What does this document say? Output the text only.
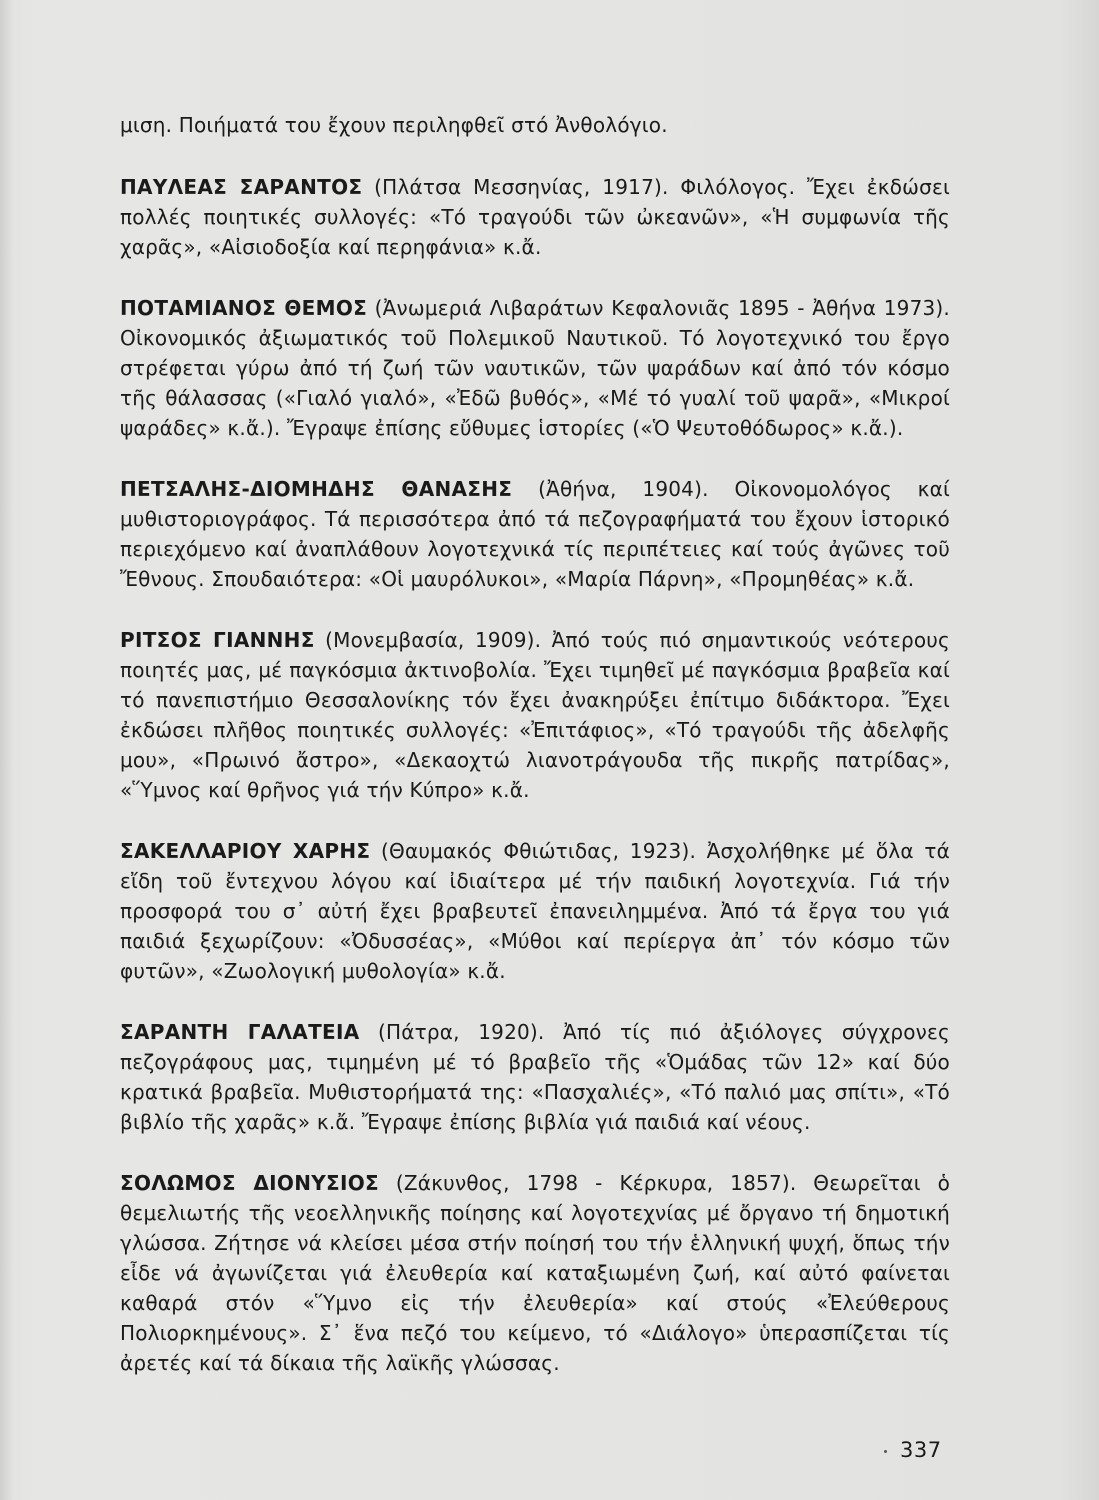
μιση. Ποιήματά του ἔχουν περιληφθεῖ στό Ἀνθολόγιο.

ΠΑΥΛΕΑΣ ΣΑΡΑΝΤΟΣ (Πλάτσα Μεσσηνίας, 1917). Φιλόλογος. Ἔχει ἐκδώσει πολλές ποιητικές συλλογές: «Τό τραγούδι τῶν ὠκεανῶν», «Ἡ συμφωνία τῆς χαρᾶς», «Αἰσιοδοξία καί περηφάνια» κ.ἄ.

ΠΟΤΑΜΙΑΝΟΣ ΘΕΜΟΣ (Ἀνωμεριά Λιβαράτων Κεφαλονιᾶς 1895 - Ἀθήνα 1973). Οἰκονομικός ἀξιωματικός τοῦ Πολεμικοῦ Ναυτικοῦ. Τό λογοτεχνικό του ἔργο στρέφεται γύρω ἀπό τή ζωή τῶν ναυτικῶν, τῶν ψαράδων καί ἀπό τόν κόσμο τῆς θάλασσας («Γιαλό γιαλό», «Ἐδῶ βυθός», «Μέ τό γυαλί τοῦ ψαρᾶ», «Μικροί ψαράδες» κ.ἄ.). Ἔγραψε ἐπίσης εὔθυμες ἱστορίες («Ὁ Ψευτοθόδωρος» κ.ἄ.).

ΠΕΤΣΑΛΗΣ-ΔΙΟΜΗΔΗΣ ΘΑΝΑΣΗΣ (Ἀθήνα, 1904). Οἰκονομολόγος καί μυθιστοριογράφος. Τά περισσότερα ἀπό τά πεζογραφήματά του ἔχουν ἱστορικό περιεχόμενο καί ἀναπλάθουν λογοτεχνικά τίς περιπέτειες καί τούς ἀγῶνες τοῦ Ἔθνους. Σπουδαιότερα: «Οἱ μαυρόλυκοι», «Μαρία Πάρνη», «Προμηθέας» κ.ἄ.

ΡΙΤΣΟΣ ΓΙΑΝΝΗΣ (Μονεμβασία, 1909). Ἀπό τούς πιό σημαντικούς νεότερους ποιητές μας, μέ παγκόσμια ἀκτινοβολία. Ἔχει τιμηθεῖ μέ παγκόσμια βραβεῖα καί τό πανεπιστήμιο Θεσσαλονίκης τόν ἔχει ἀνακηρύξει ἐπίτιμο διδάκτορα. Ἔχει ἐκδώσει πλῆθος ποιητικές συλλογές: «Ἐπιτάφιος», «Τό τραγούδι τῆς ἀδελφῆς μου», «Πρωινό ἄστρο», «Δεκαοχτώ λιανοτράγουδα τῆς πικρῆς πατρίδας», «Ὕμνος καί θρῆνος γιά τήν Κύπρο» κ.ἄ.

ΣΑΚΕΛΛΑΡΙΟΥ ΧΑΡΗΣ (Θαυμακός Φθιώτιδας, 1923). Ἀσχολήθηκε μέ ὅλα τά εἴδη τοῦ ἔντεχνου λόγου καί ἰδιαίτερα μέ τήν παιδική λογοτεχνία. Γιά τήν προσφορά του σ᾽ αὐτή ἔχει βραβευτεῖ ἐπανειλημμένα. Ἀπό τά ἔργα του γιά παιδιά ξεχωρίζουν: «Ὀδυσσέας», «Μύθοι καί περίεργα ἀπ᾽ τόν κόσμο τῶν φυτῶν», «Ζωολογική μυθολογία» κ.ἄ.

ΣΑΡΑΝΤΗ ΓΑΛΑΤΕΙΑ (Πάτρα, 1920). Ἀπό τίς πιό ἀξιόλογες σύγχρονες πεζογράφους μας, τιμημένη μέ τό βραβεῖο τῆς «Ὁμάδας τῶν 12» καί δύο κρατικά βραβεῖα. Μυθιστορήματά της: «Πασχαλιές», «Τό παλιό μας σπίτι», «Τό βιβλίο τῆς χαρᾶς» κ.ἄ. Ἔγραψε ἐπίσης βιβλία γιά παιδιά καί νέους.

ΣΟΛΩΜΟΣ ΔΙΟΝΥΣΙΟΣ (Ζάκυνθος, 1798 - Κέρκυρα, 1857). Θεωρεῖται ὁ θεμελιωτής τῆς νεοελληνικῆς ποίησης καί λογοτεχνίας μέ ὄργανο τή δημοτική γλώσσα. Ζήτησε νά κλείσει μέσα στήν ποίησή του τήν ἑλληνική ψυχή, ὅπως τήν εἶδε νά ἀγωνίζεται γιά ἐλευθερία καί καταξιωμένη ζωή, καί αὐτό φαίνεται καθαρά στόν «Ὕμνο εἰς τήν ἐλευθερία» καί στούς «Ἐλεύθερους Πολιορκημένους». Σ᾽ ἕνα πεζό του κείμενο, τό «Διάλογο» ὑπερασπίζεται τίς ἀρετές καί τά δίκαια τῆς λαϊκῆς γλώσσας.

337
